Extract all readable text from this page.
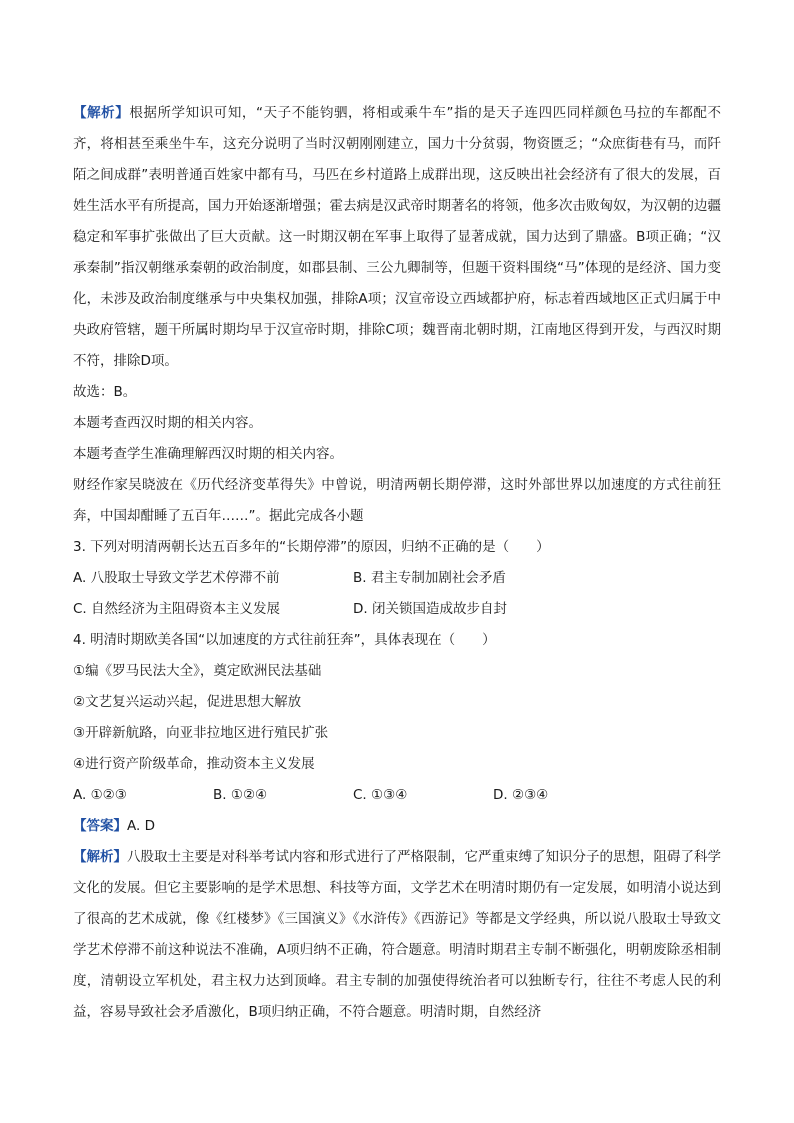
【解析】根据所学知识可知，“天子不能钧驷，将相或乘牛车”指的是天子连四匹同样颜色马拉的车都配不齐，将相甚至乘坐牛车，这充分说明了当时汉朝刚刚建立，国力十分贫弱，物资匮乏；“众庶街巷有马，而阡陌之间成群”表明普通百姓家中都有马，马匹在乡村道路上成群出现，这反映出社会经济有了很大的发展，百姓生活水平有所提高，国力开始逐渐增强；霍去病是汉武帝时期著名的将领，他多次击败匈奴，为汉朝的边疆稳定和军事扩张做出了巨大贡献。这一时期汉朝在军事上取得了显著成就，国力达到了鼎盛。B项正确；“汉承秦制”指汉朝继承秦朝的政治制度，如郡县制、三公九卿制等，但题干资料围绕“马”体现的是经济、国力变化，未涉及政治制度继承与中央集权加强，排除A项；汉宣帝设立西域都护府，标志着西域地区正式归属于中央政府管辖，题干所属时期均早于汉宣帝时期，排除C项；魏晋南北朝时期，江南地区得到开发，与西汉时期不符，排除D项。

故选：B。

本题考查西汉时期的相关内容。

本题考查学生准确理解西汉时期的相关内容。

财经作家吴晓波在《历代经济变革得失》中曾说，明清两朝长期停滞，这时外部世界以加速度的方式往前狂奔，中国却酣睡了五百年……”。据此完成各小题

3. 下列对明清两朝长达五百多年的“长期停滞”的原因，归纳不正确的是（　　）

A. 八股取士导致文学艺术停滞不前	B. 君主专制加剧社会矛盾
C. 自然经济为主阻碍资本主义发展	D. 闭关锁国造成故步自封

4. 明清时期欧美各国“以加速度的方式往前狂奔”，具体表现在（　　）

①编《罗马民法大全》，奠定欧洲民法基础

②文艺复兴运动兴起，促进思想大解放

③开辟新航路，向亚非拉地区进行殖民扩张

④进行资产阶级革命，推动资本主义发展

A. ①②③	B. ①②④	C. ①③④	D. ②③④

【答案】A. D

【解析】八股取士主要是对科举考试内容和形式进行了严格限制，它严重束缚了知识分子的思想，阻碍了科学文化的发展。但它主要影响的是学术思想、科技等方面，文学艺术在明清时期仍有一定发展，如明清小说达到了很高的艺术成就，像《红楼梦》《三国演义》《水浒传》《西游记》等都是文学经典，所以说八股取士导致文学艺术停滞不前这种说法不准确，A项归纳不正确，符合题意。明清时期君主专制不断强化，明朝废除丞相制度，清朝设立军机处，君主权力达到顶峰。君主专制的加强使得统治者可以独断专行，往往不考虑人民的利益，容易导致社会矛盾激化，B项归纳正确，不符合题意。明清时期，自然经济
